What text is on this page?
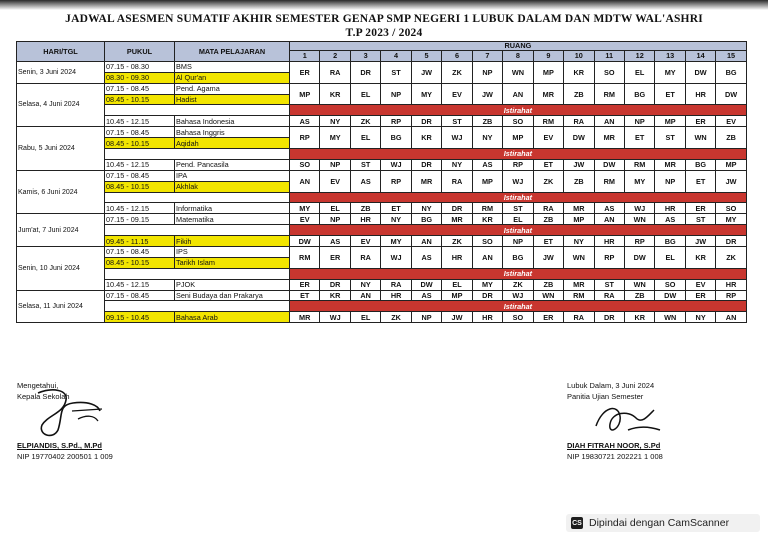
JADWAL ASESMEN SUMATIF AKHIR SEMESTER GENAP SMP NEGERI 1 LUBUK DALAM DAN MDTW WAL'ASHRI
T.P 2023 / 2024
HARI/TGL	PUKUL	MATA PELAJARAN	RUANG														
			1	2	3	4	5	6	7	8	9	10	11	12	13	14	15
Senin, 3 Juni 2024	07.15 - 08.30	BMS	ER	RA	DR	ST	JW	ZK	NP	WN	MP	KR	SO	EL	MY	DW	BG
	08.30 - 09.30	Al Qur'an															
Selasa, 4 Juni 2024	07.15 - 08.45	Pend. Agama	MP	KR	EL	NP	MY	EV	JW	AN	MR	ZB	RM	BG	ET	HR	DW
	08.45 - 10.15	Hadist															
			Istirahat														
	10.45 - 12.15	Bahasa Indonesia	AS	NY	ZK	RP	DR	ST	ZB	SO	RM	RA	AN	NP	MP	ER	EV
Rabu, 5 Juni 2024	07.15 - 08.45	Bahasa Inggris	RP	MY	EL	BG	KR	WJ	NY	MP	EV	DW	MR	ET	ST	WN	ZB
	08.45 - 10.15	Aqidah															
			Istirahat														
	10.45 - 12.15	Pend. Pancasila	SO	NP	ST	WJ	DR	NY	AS	RP	ET	JW	DW	RM	MR	BG	MP
Kamis, 6 Juni 2024	07.15 - 08.45	IPA	AN	EV	AS	RP	MR	RA	MP	WJ	ZK	ZB	RM	MY	NP	ET	JW
	08.45 - 10.15	Akhlak															
			Istirahat														
	10.45 - 12.15	Informatika	MY	EL	ZB	ET	NY	DR	RM	ST	RA	MR	AS	WJ	HR	ER	SO
Jum'at, 7 Juni 2024	07.15 - 09.15	Matematika	EV	NP	HR	NY	BG	MR	KR	EL	ZB	MP	AN	WN	AS	ST	MY
			Istirahat														
	09.45 - 11.15	Fikih	DW	AS	EV	MY	AN	ZK	SO	NP	ET	NY	HR	RP	BG	JW	DR
Senin, 10 Juni 2024	07.15 - 08.45	IPS	RM	ER	RA	WJ	AS	HR	AN	BG	JW	WN	RP	DW	EL	KR	ZK
	08.45 - 10.15	Tarikh Islam															
			Istirahat														
	10.45 - 12.15	PJOK	ER	DR	NY	RA	DW	EL	MY	ZK	ZB	MR	ST	WN	SO	EV	HR
Selasa, 11 Juni 2024	07.15 - 08.45	Seni Budaya dan Prakarya	ET	KR	AN	HR	AS	MP	DR	WJ	WN	RM	RA	ZB	DW	ER	RP
			Istirahat														
	09.15 - 10.45	Bahasa Arab	MR	WJ	EL	ZK	NP	JW	HR	SO	ER	RA	DR	KR	WN	NY	AN
Mengetahui,
Kepala Sekolah
ELPIANDIS, S.Pd., M.Pd
NIP 19770402 200501 1 009
Lubuk Dalam, 3 Juni 2024
Panitia Ujian Semester
DIAH FITRAH NOOR, S.Pd
NIP 19830721 202221 1 008
CS Dipindai dengan CamScanner
